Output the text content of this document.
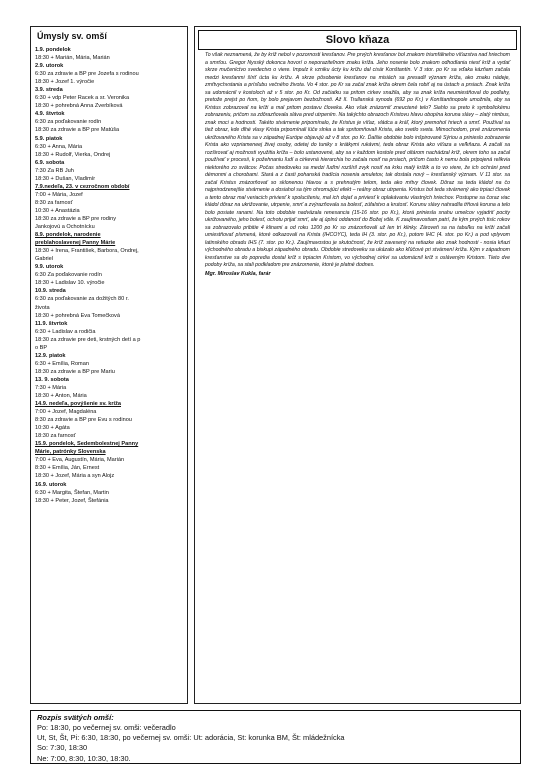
Úmysly sv. omší
1.9. pondelok
18:30 + Marián, Mária, Marián
2.9. utorok
6:30 za zdravie a BP pre Jozefa s rodinou
18:30 + Jozef 1. výročie
3.9. streda
6:30 + vdp Peter Racek a sr. Veronika
18:30 + pohrebná Anna Zverbíková
4.9. štvrtok
6:30 za poďakovanie rodín
18:30 za zdravie a BP pre Matúša
5.9. piatok
6:30 + Anna, Mária
18:30 + Rudolf, Vierka, Ondrej
6.9. sobota
7:30 Za RB Juh
18:30 + Dušan, Vladimír
7.9.nedeľa, 23. v cezročnom období
7:00 + Mária, Jozef
8:30 za farnosť
10:30 + Anastázia
18:30 za zdravie a BP pre rodiny
Jankojovú a Ochotnícku
8.9. pondelok, narodenie
preblahoslavenej Panny Márie
18:30 + Irena, František, Barbora, Ondrej,
Gabriel
9.9. utorok
6:30 Za poďakovanie rodín
18:30 + Ladislav 10. výročie
10.9. streda
6:30 za poďakovanie za dožitých 80 r.
života
18:30 + pohrebná Eva Tomečková
11.9. štvrtok
6:30 + Ladislav a rodičia
18:30 za zdravie pre deti, krstných detí a p
o BP
12.9. piatok
6:30 + Emília, Roman
18:30 za zdravie a BP pre Mariu
13. 9. sobota
7:30 + Mária
18:30 + Anton, Mária
14.9. nedeľa, povýšenie sv. kríža
7:00 + Jozef, Magdaléna
8:30 za zdravie a BP pre Evu s rodinou
10:30 + Agáta
18:30 za farnosť
15.9. pondelok, Sedembolestnej Panny
Márie, patrónky Slovenska
7:00 + Eva, Augustín, Mária, Marián
8:30 + Emília, Ján, Ernest
18:30 + Jozef, Mária a syn Alojz
16.9. utorok
6:30 + Margita, Štefan, Martin
18:30 + Peter, Jozef, Štefánia
Slovo kňaza
To však neznamená, že by kríž nebol v pozornosti kresťanov. Pre prvých kresťanov bol znakom triumfálneho víťazstva nad hriechom a smrťou. Gregor Nysský dokonca hovorí o neporaziteľnom znaku kríža. Jeho nosenie bolo znakom odhodlania niesť kríž a vydať skrze mučeníctvo svedectvo o viere. Impulz k vzniku úcty ku krížu dal cisár Konštantín. V 3 stor. po Kr sa vďaka kázňam začala medzi kresťanmi šíriť úcta ku krížu. A skrze pôsobenie kresťanov na misiách sa presadil význam kríža, ako znaku nádeje, zmŕtvychvstania a prísľubu večného života. Vo 4 stor. po Kr sa začal znak kríža okrem čela robiť aj na ústach a prsiach. Znak kríža sa udomácnil v kostoloch až v 5 stor. po Kr. Od začiatku sa pritom cirkev snažila, aby sa znak kríža neumiestňoval do podlahy, pretože prejst po ňom, by bolo prejavom bezbožnosti. Až II. Trullanská synoda (692 po Kr.) v Konštantinopole umožnila, aby sa Kristus zobrazoval na kríži a mal pritom postavu človeka. Ako však znázorniť zneuctené telo? Siahlo sa preto k symbolickému zobrazeniu, pričom sa zdôrazňovala sláva pred utrpením. Na takýchto obrazoch Kristovu hlavu obopína koruna slávy – zlatý nimbus, znak moci a hodnosti. Takéto stvárnenie pripomínalo, že Kristus je víťaz, vládca a kráľ, ktorý premohol hriech a smrť. Používal sa tiež obraz, kde dlhé vlasy Krista pripomínali lúče slnka a tak spritomňovali Krista, ako svetlo sveta. Mimochodom, prvé znázornenia ukrižovaného Krista sa v západnej Európe objavujú až v 8 stor. po Kr. Ďalšie obdobie bolo inšpirované Sýriou a prinieslo zobrazenie Krista ako vzpriameneej živej osoby, odetej do tuniky s krátkymi rukávmi, teda obraz Krista ako víťaza a veľkňaza. A začali sa rozširovať aj možnosti využitia kríža – bolo ustanovené, aby sa v každom kostole pred oltárom nachádzal kríž, okrem toho sa začal používať v procesii, k požehnaniu ľudí a cirkevná hierarchia ho začala nosiť na prsiach, pričom často k nemu bola pripojená relikvia niektorého zo svätcov. Počas stredoveku sa medzi ľuďmi rozšíril zvyk nosiť na krku malý krížik a to vo viere, že ich ochráni pred démonmi a chorobami. Stará a z časti pohanská tradícia nosenia amuletov, tak dostala nový – kresťanský význam. V 11 stor. sa začal Kristus znázorňovať so sklonenou hlavou a s prehnutým telom, teda ako mŕtvy človek. Dôraz sa teda kládol na čo najprirodzenejšie stvárnenie a dosiahol sa tým ohromujúci efekt – reálny obraz utrpenia. Kristus bol teda stvárnený ako trpiaci človek a tento obraz mal veriacich priviesť k spolucíteniu, mal ich dojať a priviesť k oplakávaniu vlastných hriechov. Postupne sa čoraz viac kládol dôraz na ukrižovanie, utrpenie, smrť a zvýrazňovala sa bolesť, zúfalstvo a krutosť. Korunu slávy nahradila tŕňová koruna a telo bolo posiate ranami. Na toto obdobie nadväzala renesancia (15-16 stor. po Kr.), ktorá priniesla snahu umelcov vyjadriť pocity ukrižovaného, jeho bolesť, ochotu prijať smrť, ale aj úplnú oddanosť do Božej vôle. K zaujímavostiam patrí, že kým prvých tisíc rokov sa zobrazovalo pribitie 4 klinami a od roku 1200 po Kr so znázorňovali už len tri klinky. Zároveň sa na tabuľku na kríži začali umiestňovať písmená, ktoré odkazovali na Krista (IHCOYC), teda IH (3. stor. po Kr.), potom IHC (4. stor. po Kr.) a pod vplyvom latinského obradu IHS (7. stor. po Kr.). Zaujímavostou je skutočnosť, že kríž zavesený na retiazke ako znak hodnosti - nosia kňazi východného obradu a biskupi západného obradu. Obdobie stredoveku sa ukázalo ako kľúčové pri stvárnení kríža. Kým v západnom kresťanstve sa do popredia dostal kríž s trpiacim Kristom, vo východnej cirkvi sa udomácnil kríž s osláveným Kristom. Tieto dve podoby kríža, sa stali podkladom pre znázornenie, ktoré je platné dodnes.
Mgr. Miroslav Kukla, farár
Rozpis svätých omší:
Po: 18:30, po večernej sv. omši: večeradlo
Ut, St, Št, Pi: 6:30, 18:30, po večernej sv. omši: Ut: adorácia, St: korunka BM, Št: mládežnícka
So: 7:30, 18:30
Ne: 7:00, 8:30, 10:30, 18:30.
